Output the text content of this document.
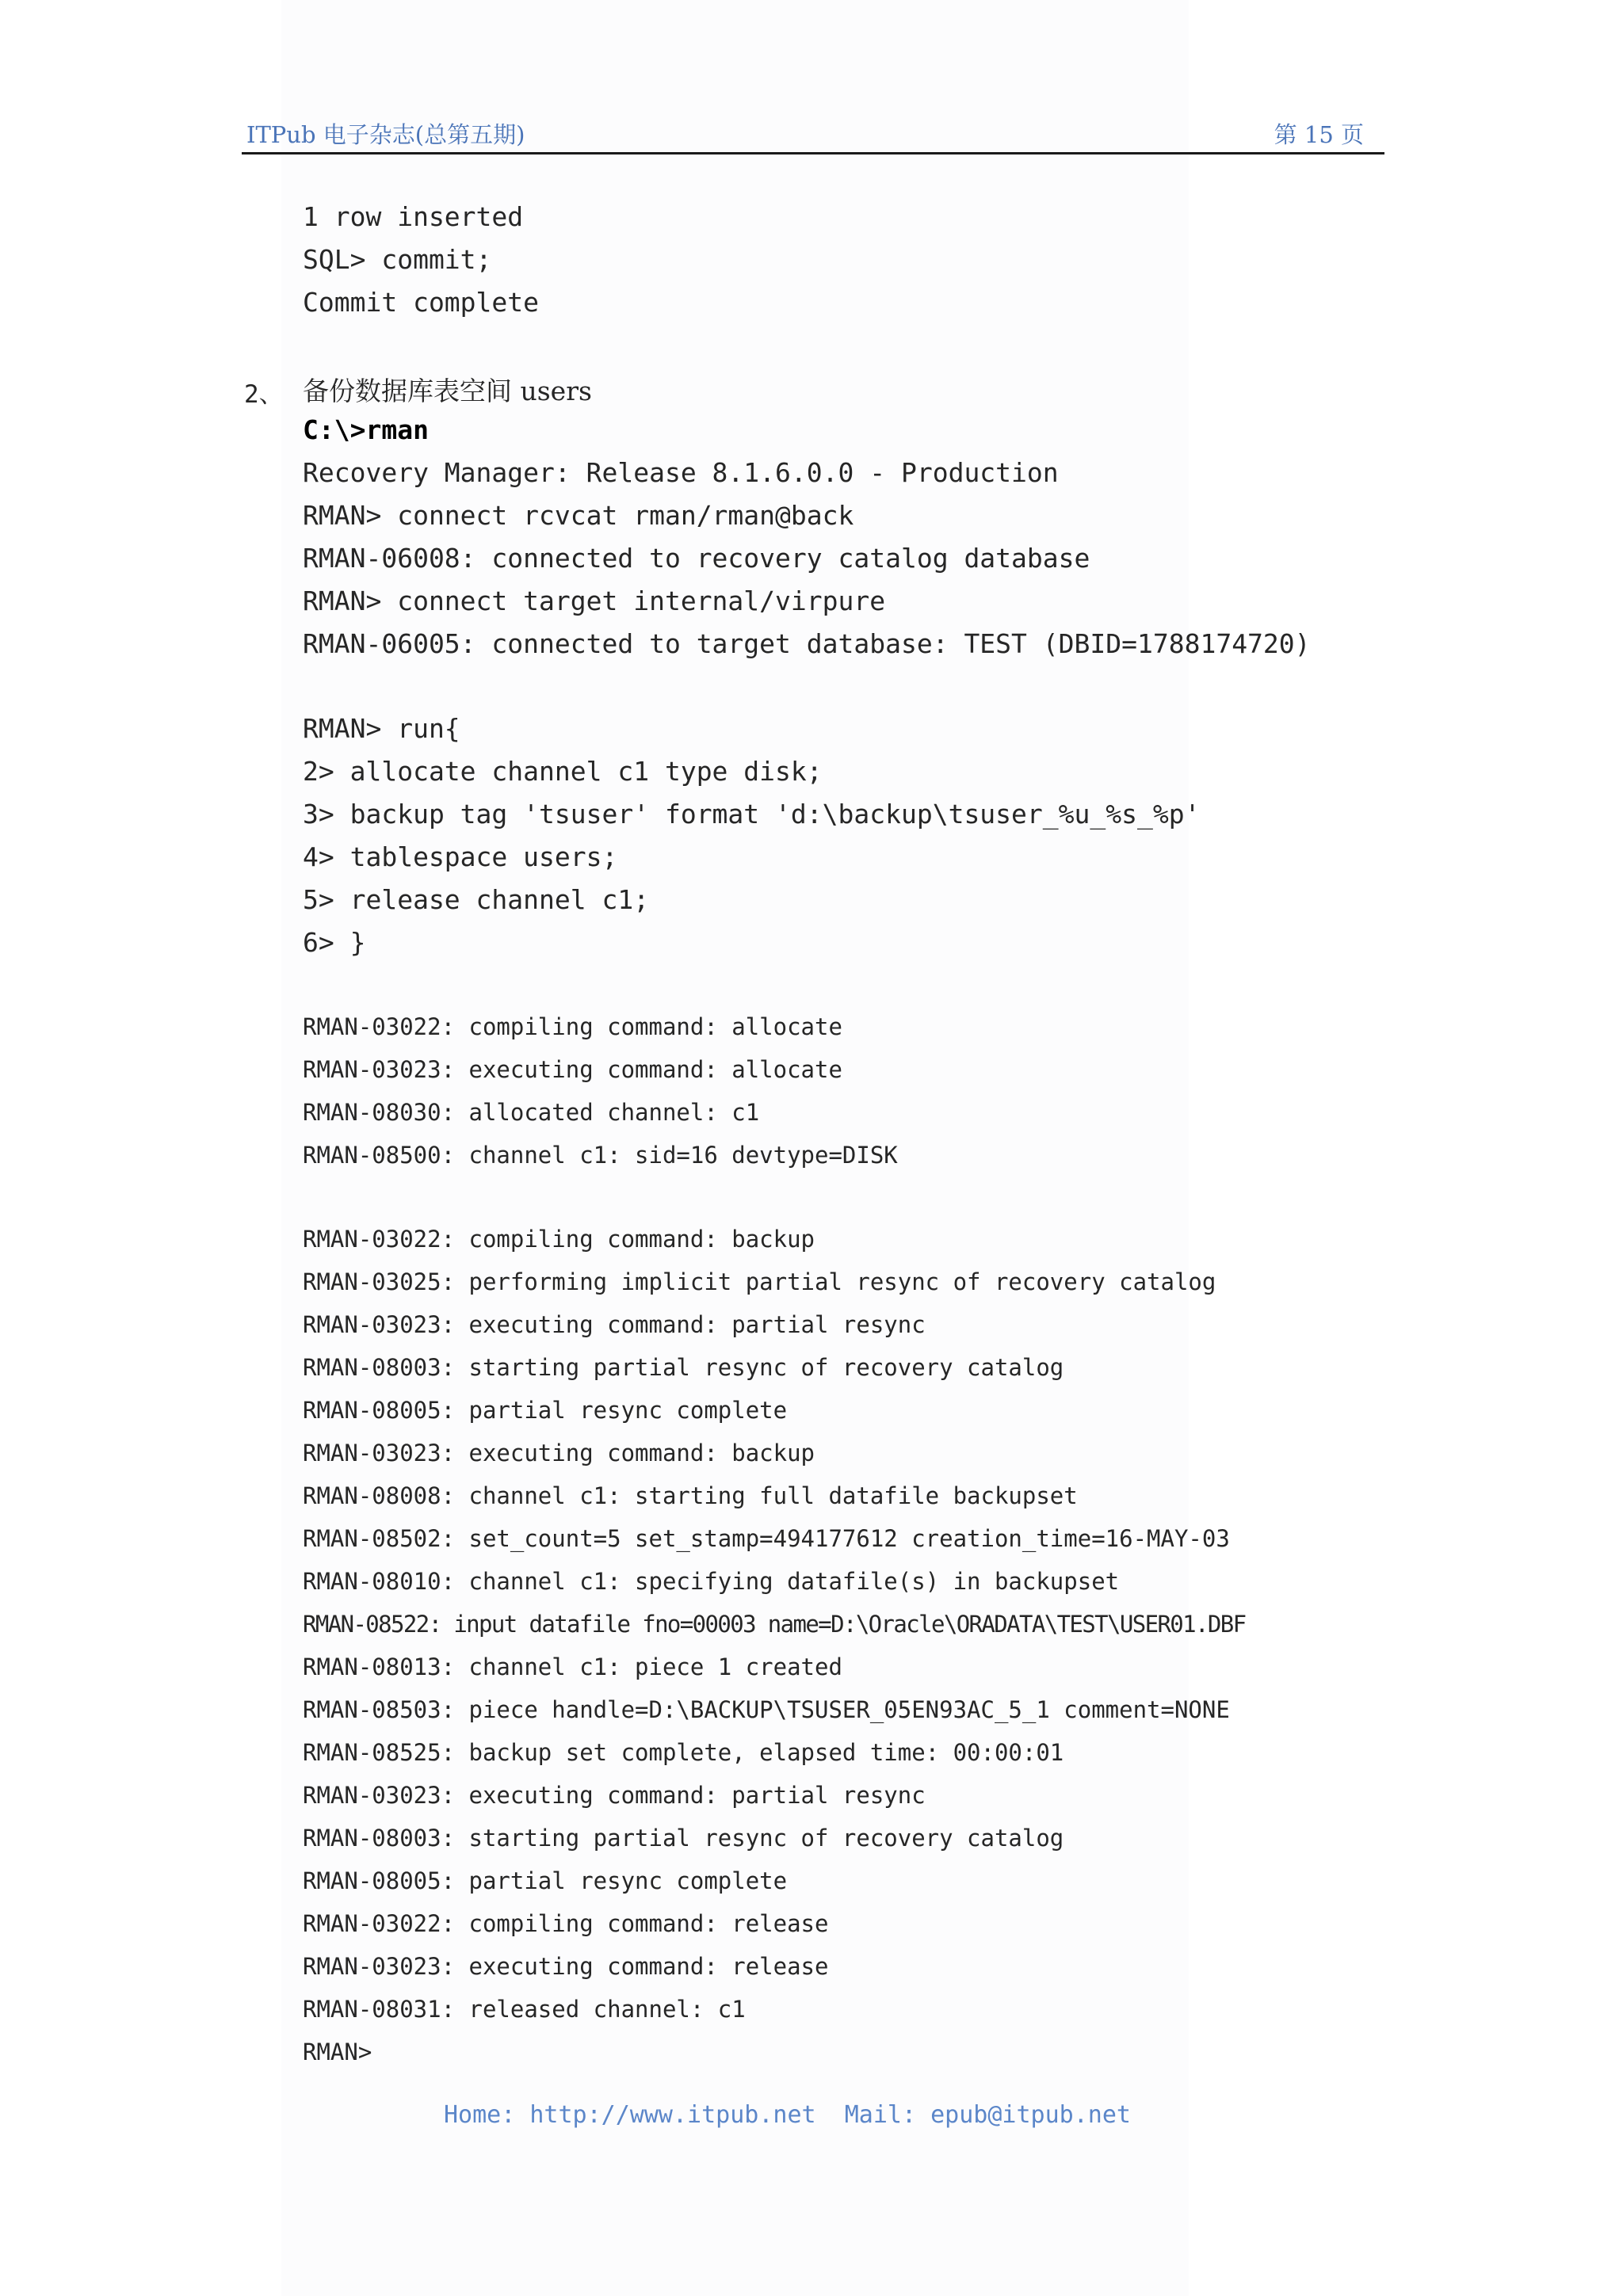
ITPub 电子杂志(总第五期)	第 15 页
1 row inserted
SQL> commit;
Commit complete
2、 备份数据库表空间 users
C:\>rman
Recovery Manager: Release 8.1.6.0.0 - Production
RMAN> connect rcvcat rman/rman@back
RMAN-06008: connected to recovery catalog database
RMAN> connect target internal/virpure
RMAN-06005: connected to target database: TEST (DBID=1788174720)
RMAN> run{
2> allocate channel c1 type disk;
3> backup tag 'tsuser' format 'd:\backup\tsuser_%u_%s_%p'
4> tablespace users;
5> release channel c1;
6> }
RMAN-03022: compiling command: allocate
RMAN-03023: executing command: allocate
RMAN-08030: allocated channel: c1
RMAN-08500: channel c1: sid=16 devtype=DISK
RMAN-03022: compiling command: backup
RMAN-03025: performing implicit partial resync of recovery catalog
RMAN-03023: executing command: partial resync
RMAN-08003: starting partial resync of recovery catalog
RMAN-08005: partial resync complete
RMAN-03023: executing command: backup
RMAN-08008: channel c1: starting full datafile backupset
RMAN-08502: set_count=5 set_stamp=494177612 creation_time=16-MAY-03
RMAN-08010: channel c1: specifying datafile(s) in backupset
RMAN-08522: input datafile fno=00003 name=D:\Oracle\ORADATA\TEST\USER01.DBF
RMAN-08013: channel c1: piece 1 created
RMAN-08503: piece handle=D:\BACKUP\TSUSER_05EN93AC_5_1 comment=NONE
RMAN-08525: backup set complete, elapsed time: 00:00:01
RMAN-03023: executing command: partial resync
RMAN-08003: starting partial resync of recovery catalog
RMAN-08005: partial resync complete
RMAN-03022: compiling command: release
RMAN-03023: executing command: release
RMAN-08031: released channel: c1
RMAN>
Home: http://www.itpub.net  Mail: epub@itpub.net
